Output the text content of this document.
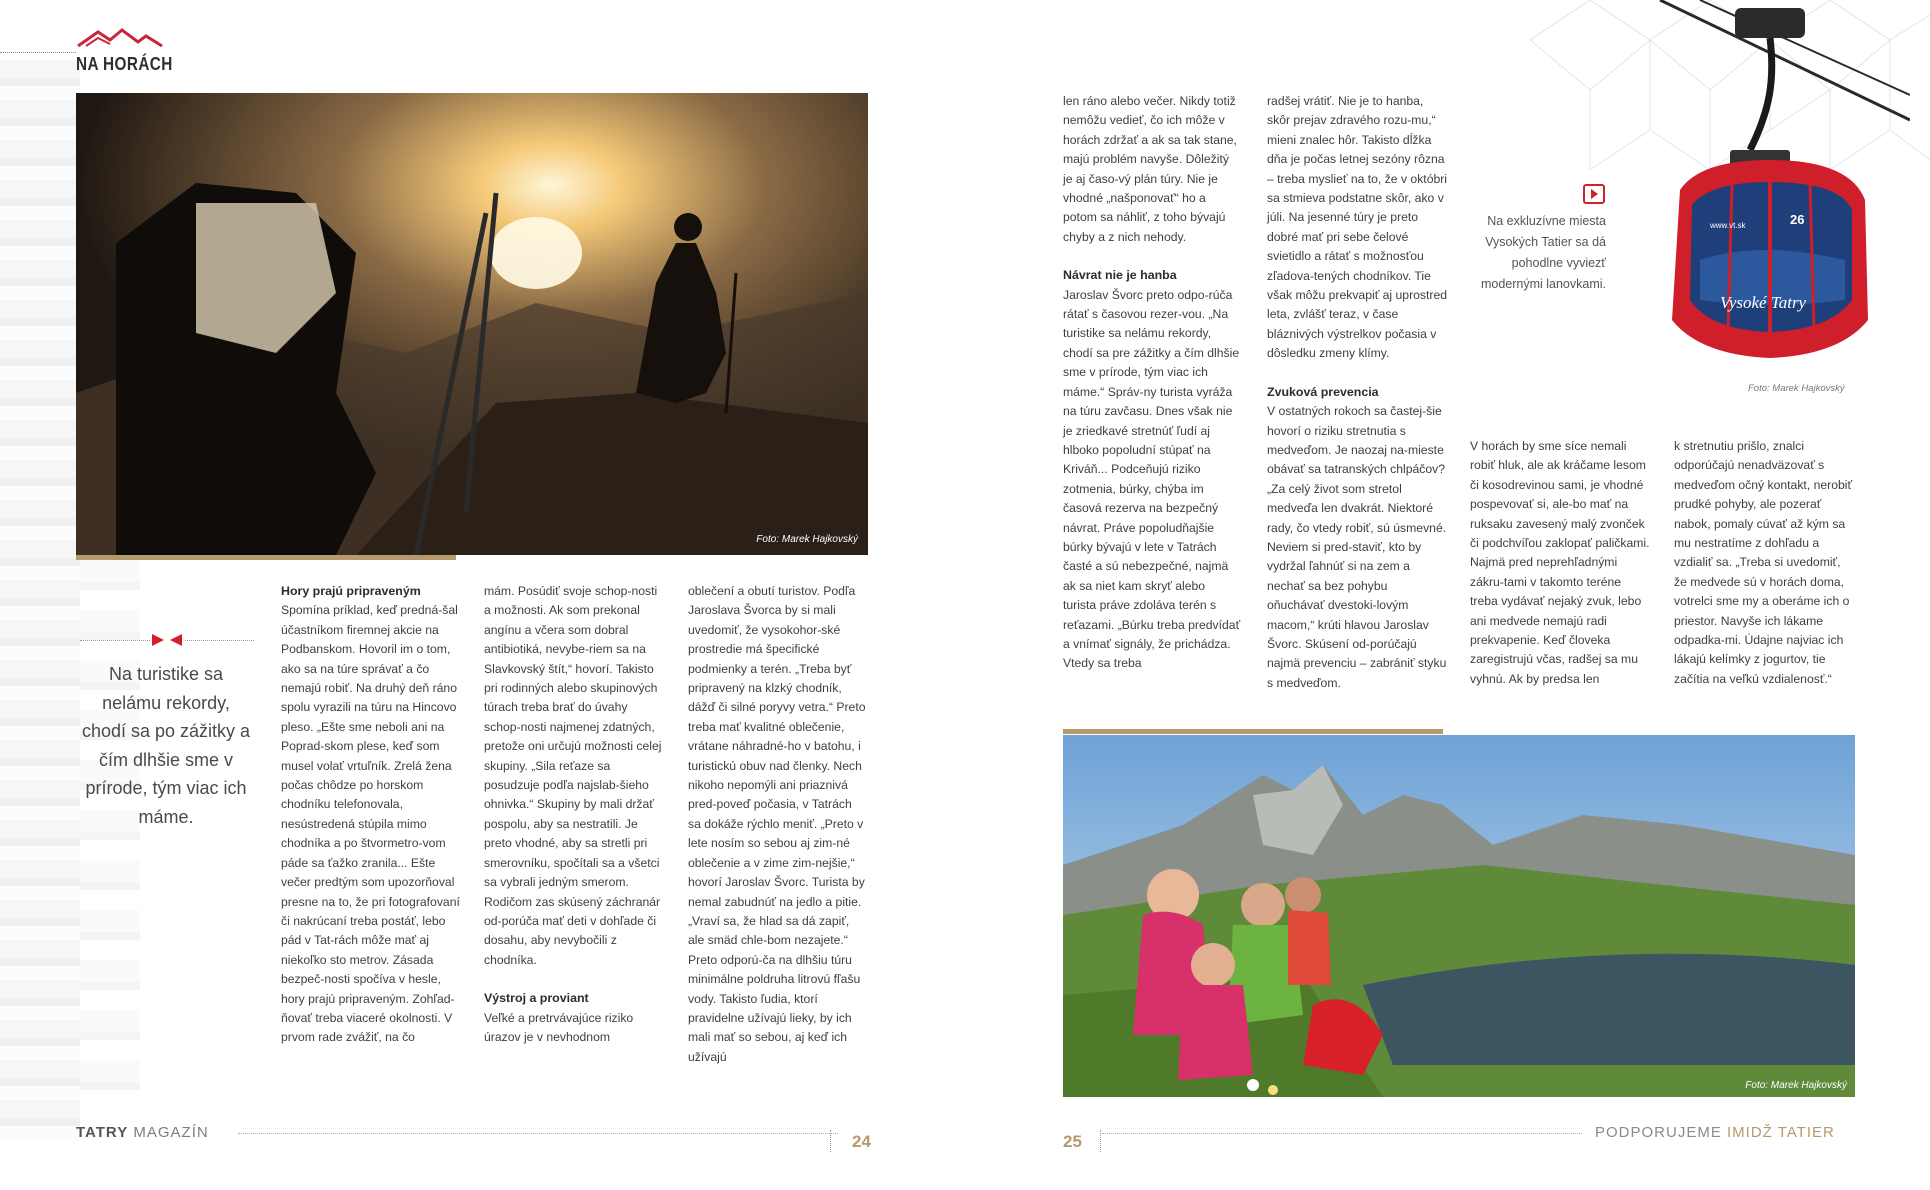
NA HORÁCH
Foto: Marek Hajkovský
Na turistike sa nelámu rekordy, chodí sa po zážitky a čím dlhšie sme v prírode, tým viac ich máme.
Hory prajú pripraveným

Spomína príklad, keď predná-šal účastníkom firemnej akcie na Podbanskom. Hovoril im o tom, ako sa na túre správať a čo nemajú robiť. Na druhý deň ráno spolu vyrazili na túru na Hincovo pleso. „Ešte sme neboli ani na Poprad-skom plese, keď som musel volať vrtuľník. Zrelá žena počas chôdze po horskom chodníku telefonovala, nesústredená stúpila mimo chodníka a po štvormetro-vom páde sa ťažko zranila... Ešte večer predtým som upozorňoval presne na to, že pri fotografovaní či nakrúcaní treba postáť, lebo pád v Tat-rách môže mať aj niekoľko sto metrov. Zásada bezpeč-nosti spočíva v hesle, hory prajú pripraveným. Zohľad-ňovať treba viaceré okolnosti. V prvom rade zvážiť, na čo

mám. Posúdiť svoje schop-nosti a možnosti. Ak som prekonal angínu a včera som dobral antibiotiká, nevybe-riem sa na Slavkovský štít,“ hovorí. Takisto pri rodinných alebo skupinových túrach treba brať do úvahy schop-nosti najmenej zdatných, pretože oni určujú možnosti celej skupiny. „Sila reťaze sa posudzuje podľa najslab-šieho ohnivka.“ Skupiny by mali držať pospolu, aby sa nestratili. Je preto vhodné, aby sa stretli pri smerovníku, spočítali sa a všetci sa vybrali jedným smerom. Rodičom zas skúsený záchranár od-porúča mať deti v dohľade či dosahu, aby nevybočili z chodníka.

Výstroj a proviant

Veľké a pretrvávajúce riziko úrazov je v nevhodnom

oblečení a obutí turistov. Podľa Jaroslava Švorca by si mali uvedomiť, že vysokohor-ské prostredie má špecifické podmienky a terén. „Treba byť pripravený na klzký chodník, dážď či silné poryvy vetra.“ Preto treba mať kvalitné oblečenie, vrátane náhradné-ho v batohu, i turistickú obuv nad členky. Nech nikoho nepomýli ani priaznivá pred-poveď počasia, v Tatrách sa dokáže rýchlo meniť. „Preto v lete nosím so sebou aj zim-né oblečenie a v zime zim-nejšie,“ hovorí Jaroslav Švorc. Turista by nemal zabudnúť na jedlo a pitie. „Vraví sa, že hlad sa dá zapiť, ale smäd chle-bom nezajete.“ Preto odporú-ča na dlhšiu túru minimálne poldruha litrovú fľašu vody. Takisto ľudia, ktorí pravidelne užívajú lieky, by ich mali mať so sebou, aj keď ich užívajú

len ráno alebo večer. Nikdy totiž nemôžu vedieť, čo ich môže v horách zdržať a ak sa tak stane, majú problém navyše. Dôležitý je aj časo-vý plán túry. Nie je vhodné „našponovať“ ho a potom sa náhliť, z toho bývajú chyby a z nich nehody.

Návrat nie je hanba

Jaroslav Švorc preto odpo-rúča rátať s časovou rezer-vou. „Na turistike sa nelámu rekordy, chodí sa pre zážitky a čím dlhšie sme v prírode, tým viac ich máme.“ Správ-ny turista vyráža na túru zavčasu. Dnes však nie je zriedkavé stretnúť ľudí aj hlboko popoludní stúpať na Kriváň... Podceňujú riziko zotmenia, búrky, chýba im časová rezerva na bezpečný návrat. Práve popoludňajšie búrky bývajú v lete v Tatrách časté a sú nebezpečné, najmä ak sa niet kam skryť alebo turista práve zdoláva terén s reťazami. „Búrku treba predvídať a vnímať signály, že prichádza. Vtedy sa treba

radšej vrátiť. Nie je to hanba, skôr prejav zdravého rozu-mu,“ mieni znalec hôr. Takisto dĺžka dňa je počas letnej sezóny rôzna – treba myslieť na to, že v októbri sa stmieva podstatne skôr, ako v júli. Na jesenné túry je preto dobré mať pri sebe čelové svietidlo a rátať s možnosťou zľadova-tených chodníkov. Tie však môžu prekvapiť aj uprostred leta, zvlášť teraz, v čase bláznivých výstrelkov počasia v dôsledku zmeny klímy.

Zvuková prevencia

V ostatných rokoch sa častej-šie hovorí o riziku stretnutia s medveďom. Je naozaj na-mieste obávať sa tatranských chlpáčov? „Za celý život som stretol medveďa len dvakrát. Niektoré rady, čo vtedy robiť, sú úsmevné. Neviem si pred-staviť, kto by vydržal ľahnúť si na zem a nechať sa bez pohybu oňuchávať dvestoki-lovým macom,“ krúti hlavou Jaroslav Švorc. Skúsení od-porúčajú najmä prevenciu – zabrániť styku s medveďom.

V horách by sme síce nemali robiť hluk, ale ak kráčame lesom či kosodrevinou sami, je vhodné pospevovať si, ale-bo mať na ruksaku zavesený malý zvonček či podchvíľou zaklopať paličkami. Najmä pred neprehľadnými zákru-tami v takomto teréne treba vydávať nejaký zvuk, lebo ani medvede nemajú radi prekvapenie. Keď človeka zaregistrujú včas, radšej sa mu vyhnú. Ak by predsa len

k stretnutiu prišlo, znalci odporúčajú nenadväzovať s medveďom očný kontakt, nerobiť prudké pohyby, ale pozerať nabok, pomaly cúvať až kým sa mu nestratíme z dohľadu a vzdialiť sa. „Treba si uvedomiť, že medvede sú v horách doma, votrelci sme my a oberáme ich o priestor. Navyše ich lákame odpadka-mi. Údajne najviac ich lákajú kelímky z jogurtov, tie začítia na veľkú vzdialenosť.“

Na exkluzívne miesta Vysokých Tatier sa dá pohodlne vyviezť modernými lanovkami.
Vysoké Tatry
26
www.vt.sk
Foto: Marek Hajkovský
Foto: Marek Hajkovský
TATRY MAGAZÍN	24	25	PODPORUJEME IMIDŽ TATIER
